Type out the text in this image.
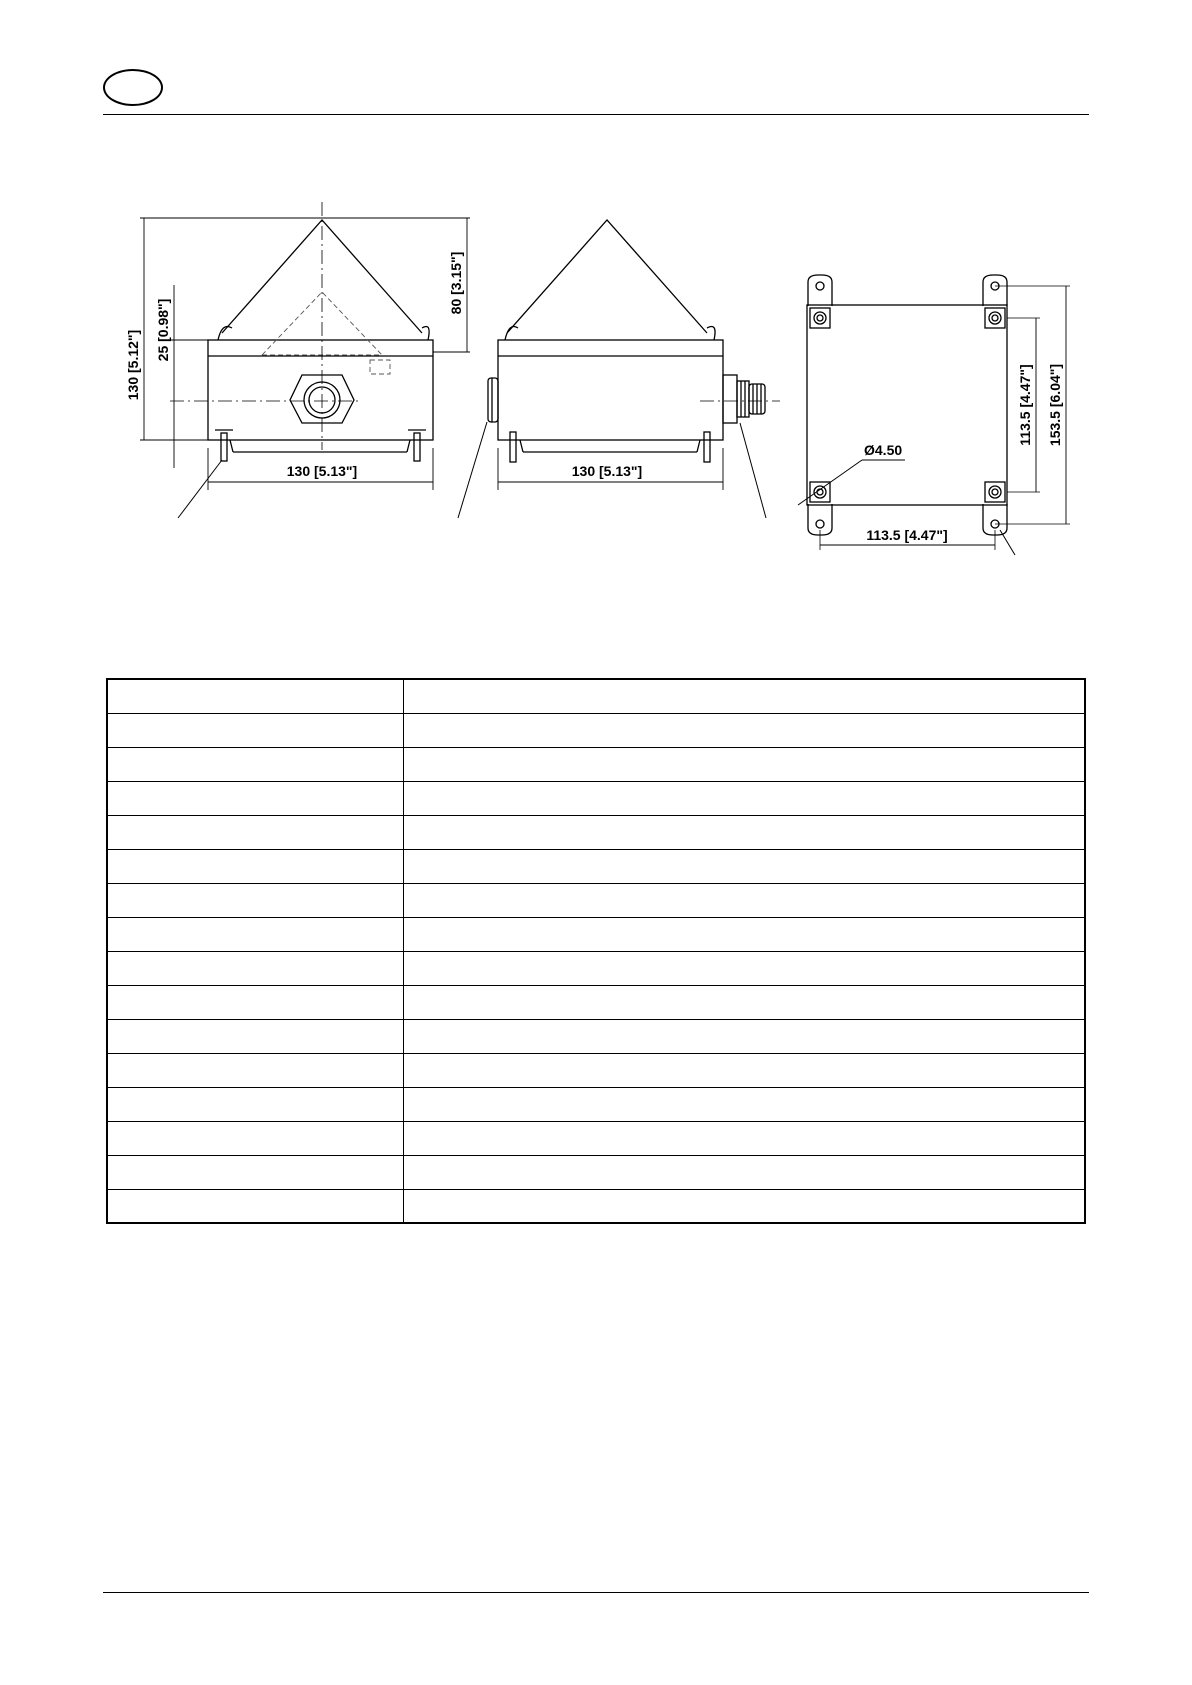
130 [5.12"] 25 [0.98"]
80 [3.15"]
130 [5.13"]	130 [5.13"]
113.5 [4.47"] 153.5 [6.04"]
Ø4.50
113.5 [4.47"]
